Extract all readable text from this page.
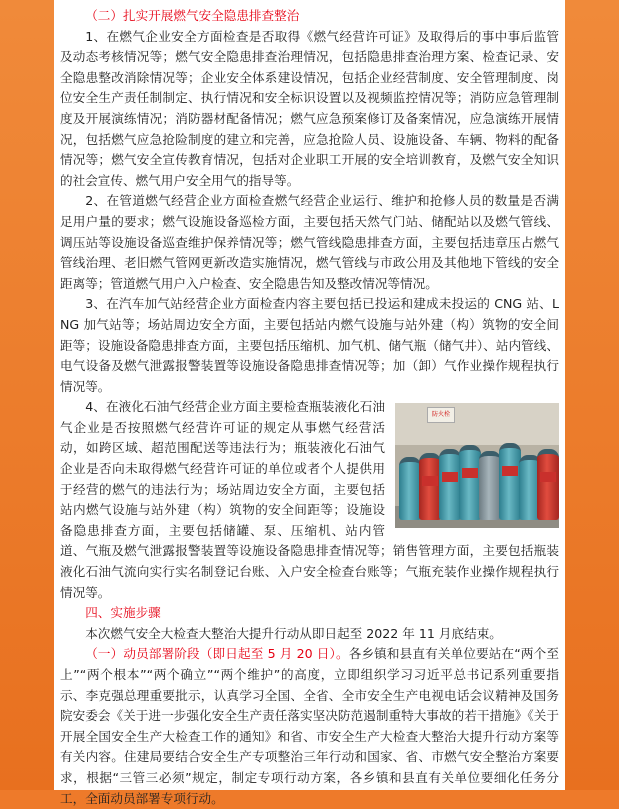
（二）扎实开展燃气安全隐患排查整治

1、在燃气企业安全方面检查是否取得《燃气经营许可证》及取得后的事中事后监管及动态考核情况等；燃气安全隐患排查治理情况，包括隐患排查治理方案、检查记录、安全隐患整改消除情况等；企业安全体系建设情况，包括企业经营制度、安全管理制度、岗位安全生产责任制制定、执行情况和安全标识设置以及视频监控情况等；消防应急管理制度及开展演练情况；消防器材配备情况；燃气应急预案修订及备案情况，应急演练开展情况，包括燃气应急抢险制度的建立和完善，应急抢险人员、设施设备、车辆、物料的配备情况等；燃气安全宣传教育情况，包括对企业职工开展的安全培训教育，及燃气安全知识的社会宣传、燃气用户安全用气的指导等。

2、在管道燃气经营企业方面检查燃气经营企业运行、维护和抢修人员的数量是否满足用户量的要求；燃气设施设备巡检方面，主要包括天然气门站、储配站以及燃气管线、调压站等设施设备巡查维护保养情况等；燃气管线隐患排查方面，主要包括违章压占燃气管线治理、老旧燃气管网更新改造实施情况，燃气管线与市政公用及其他地下管线的安全距离等；管道燃气用户入户检查、安全隐患告知及整改情况等情况。

3、在汽车加气站经营企业方面检查内容主要包括已投运和建成未投运的 CNG 站、LNG 加气站等；场站周边安全方面，主要包括站内燃气设施与站外建（构）筑物的安全间距等；设施设备隐患排查方面，主要包括压缩机、加气机、储气瓶（储气井）、站内管线、电气设备及燃气泄露报警装置等设施设备隐患排查情况等；加（卸）气作业操作规程执行情况等。

防火栓

4、在液化石油气经营企业方面主要检查瓶装液化石油气企业是否按照燃气经营许可证的规定从事燃气经营活动，如跨区域、超范围配送等违法行为；瓶装液化石油气企业是否向未取得燃气经营许可证的单位或者个人提供用于经营的燃气的违法行为；场站周边安全方面，主要包括站内燃气设施与站外建（构）筑物的安全间距等；设施设备隐患排查方面，主要包括储罐、泵、压缩机、站内管道、气瓶及燃气泄露报警装置等设施设备隐患排查情况等；销售管理方面，主要包括瓶装液化石油气流向实行实名制登记台账、入户安全检查台账等；气瓶充装作业操作规程执行情况等。

四、实施步骤

本次燃气安全大检查大整治大提升行动从即日起至 2022 年 11 月底结束。

（一）动员部署阶段（即日起至 5 月 20 日）。各乡镇和县直有关单位要站在“两个至上”“两个根本”“两个确立”“两个维护”的高度，立即组织学习习近平总书记系列重要指示、李克强总理重要批示，认真学习全国、全省、全市安全生产电视电话会议精神及国务院安委会《关于进一步强化安全生产责任落实坚决防范遏制重特大事故的若干措施》《关于开展全国安全生产大检查工作的通知》和省、市安全生产大检查大整治大提升行动方案等有关内容。住建局要结合安全生产专项整治三年行动和国家、省、市燃气安全整治方案要求，根据“三管三必须”规定，制定专项行动方案，各乡镇和县直有关单位要细化任务分工，全面动员部署专项行动。
